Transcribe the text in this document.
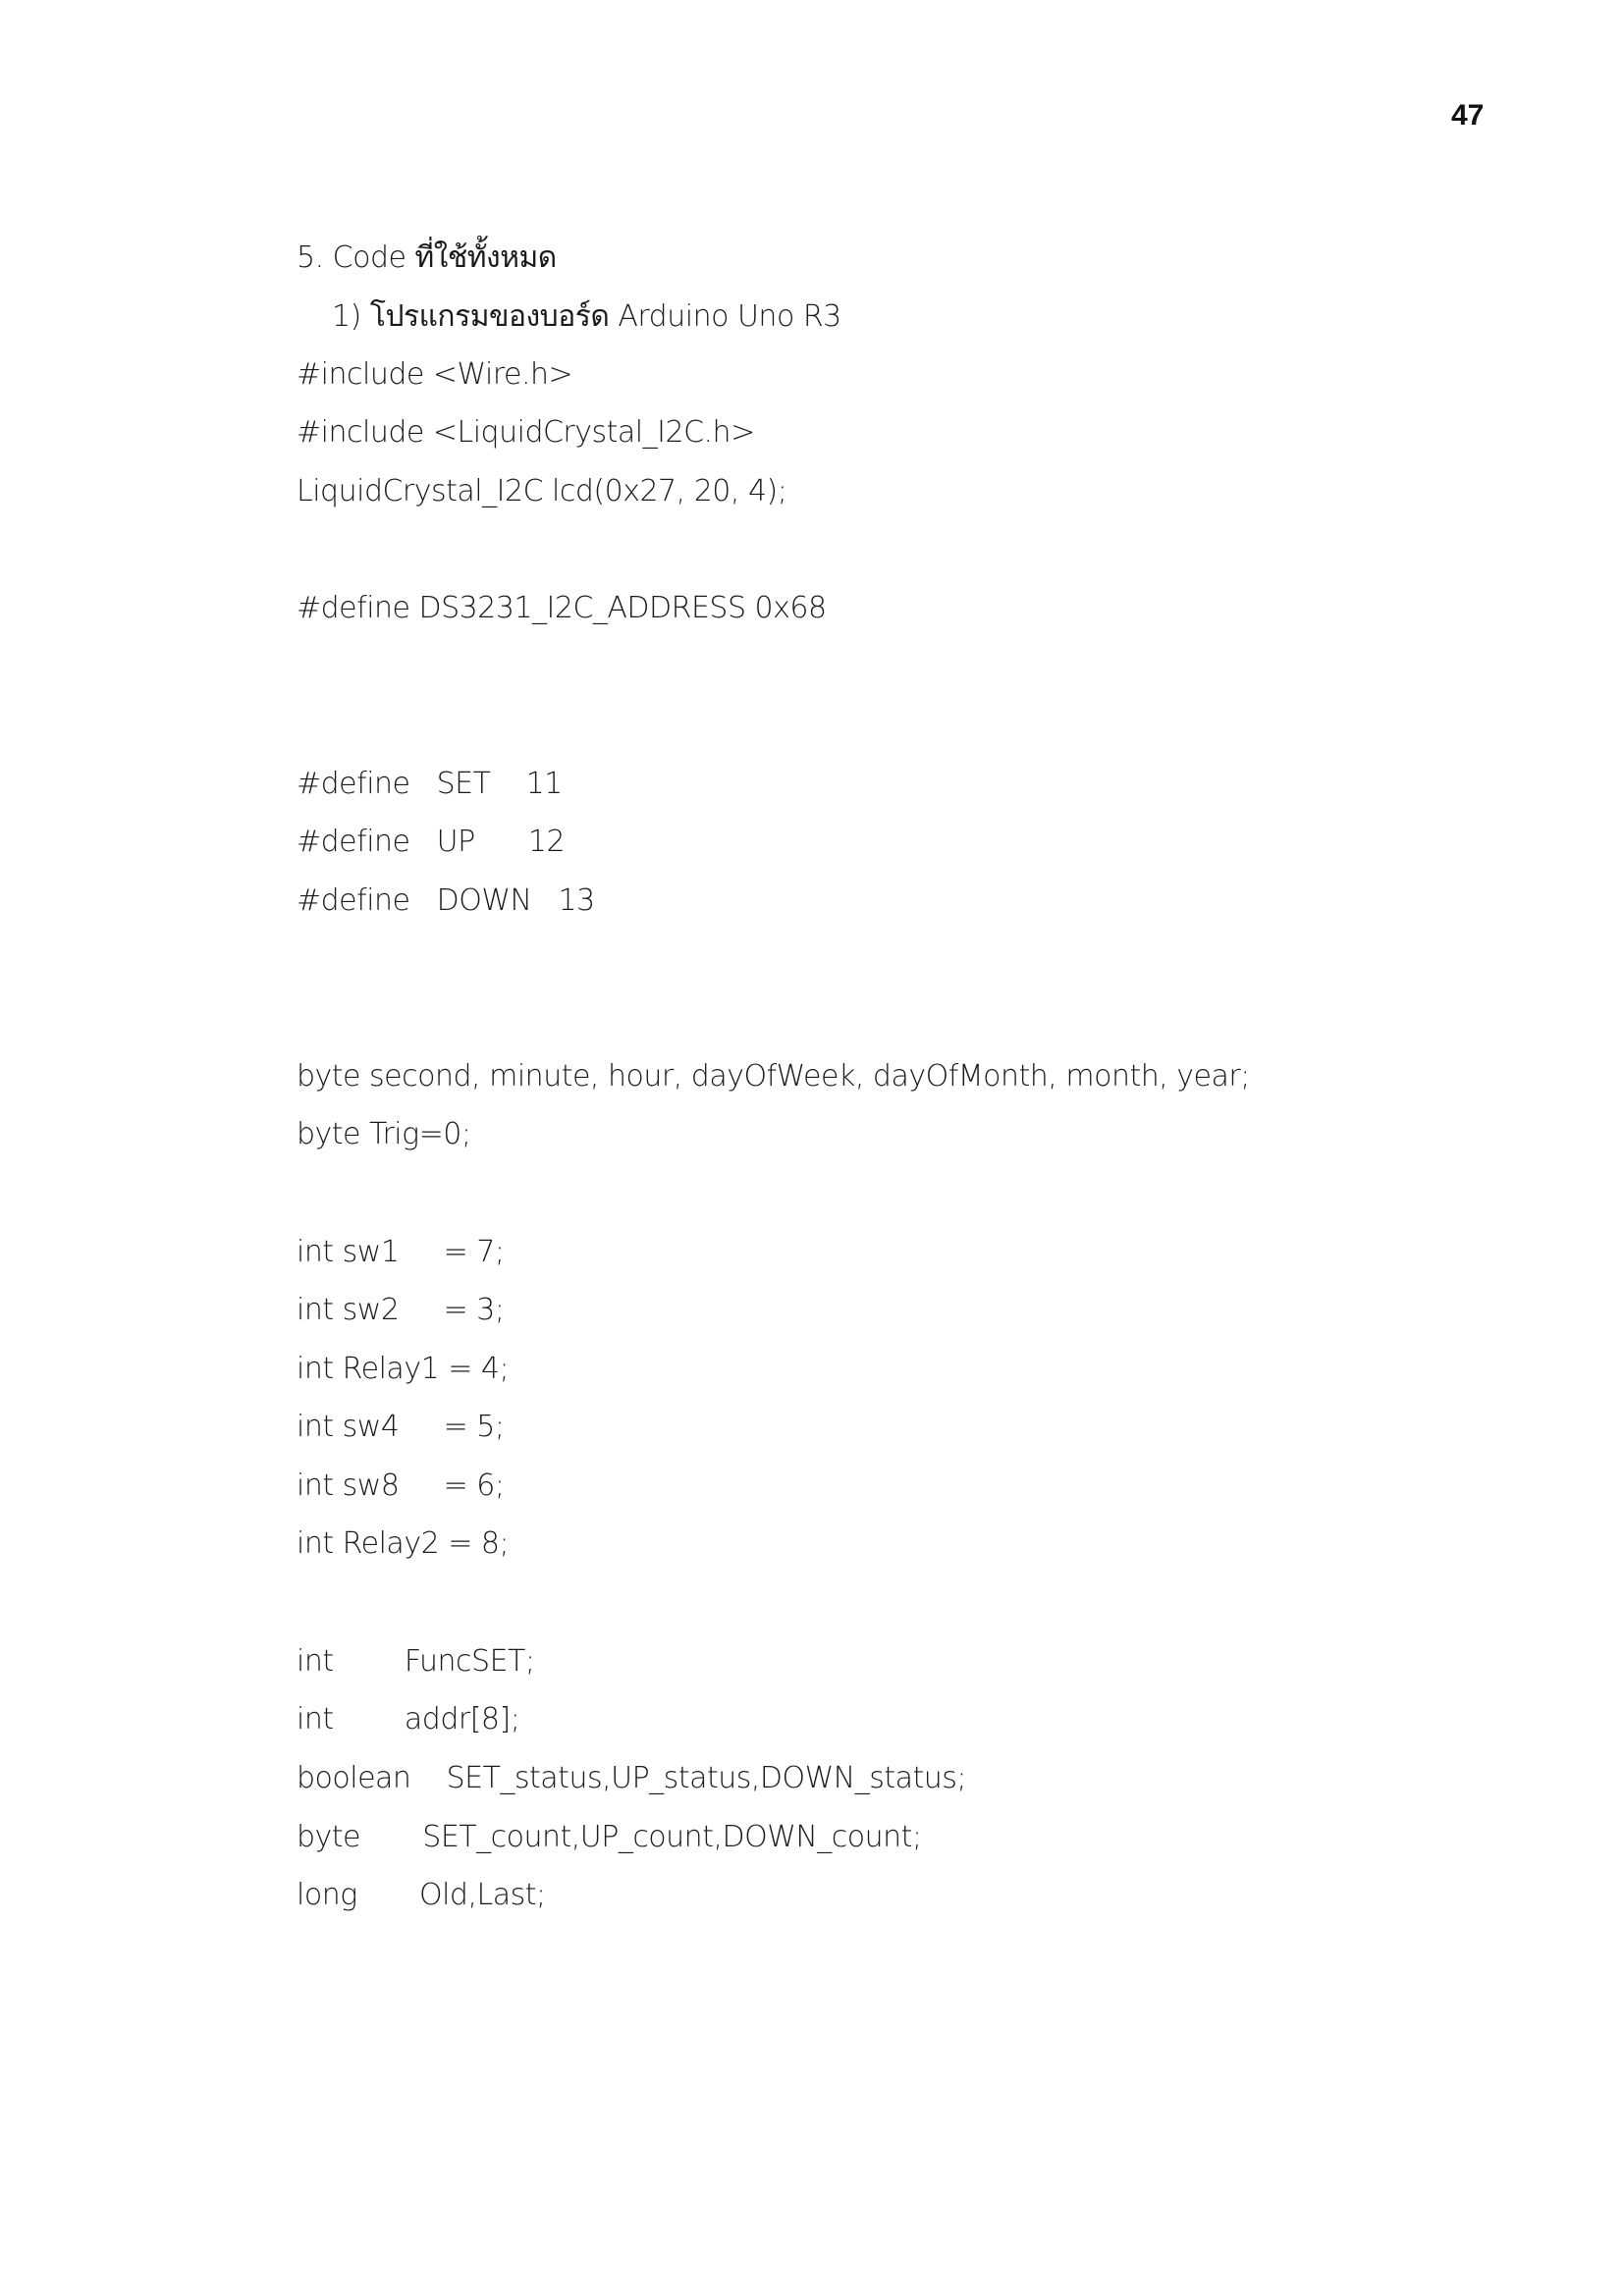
47
5. Code ที่ใช้ทั้งหมด
1) โปรแกรมของบอร์ด Arduino Uno R3
#include <Wire.h>
#include <LiquidCrystal_I2C.h>
LiquidCrystal_I2C lcd(0x27, 20, 4);
#define DS3231_I2C_ADDRESS 0x68
#define   SET    11
#define   UP      12
#define   DOWN   13
byte second, minute, hour, dayOfWeek, dayOfMonth, month, year;
byte Trig=0;
int sw1     = 7;
int sw2     = 3;
int Relay1 = 4;
int sw4     = 5;
int sw8     = 6;
int Relay2 = 8;
int        FuncSET;
int        addr[8];
boolean    SET_status,UP_status,DOWN_status;
byte       SET_count,UP_count,DOWN_count;
long       Old,Last;
